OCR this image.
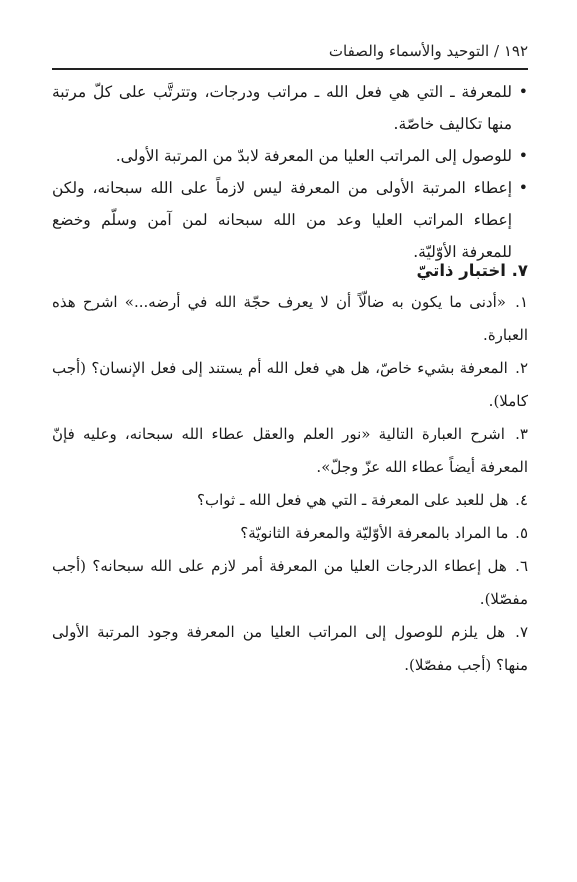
١٩٢ / التوحيد والأسماء والصفات
• للمعرفة ـ التي هي فعل الله ـ مراتب ودرجات، وتترتَّب على كلّ مرتبة منها تكاليف خاصّة.
• للوصول إلى المراتب العليا من المعرفة لابدّ من المرتبة الأولى.
• إعطاء المرتبة الأولى من المعرفة ليس لازماً على الله سبحانه، ولكن إعطاء المراتب العليا وعد من الله سبحانه لمن آمن وسلّم وخضع للمعرفة الأوّليّة.
٧. اختبار ذاتيّ
١. «أدنى ما يكون به ضالّاً أن لا يعرف حجّة الله في أرضه...» اشرح هذه العبارة.
٢. المعرفة بشيء خاصّ، هل هي فعل الله أم يستند إلى فعل الإنسان؟ (أجب كاملا).
٣. اشرح العبارة التالية «نور العلم والعقل عطاء الله سبحانه، وعليه فإنّ المعرفة أيضاً عطاء الله عزّ وجلّ».
٤. هل للعبد على المعرفة ـ التي هي فعل الله ـ ثواب؟
٥. ما المراد بالمعرفة الأوّليّة والمعرفة الثانويّة؟
٦. هل إعطاء الدرجات العليا من المعرفة أمر لازم على الله سبحانه؟ (أجب مفصّلا).
٧. هل يلزم للوصول إلى المراتب العليا من المعرفة وجود المرتبة الأولى منها؟ (أجب مفصّلا).
